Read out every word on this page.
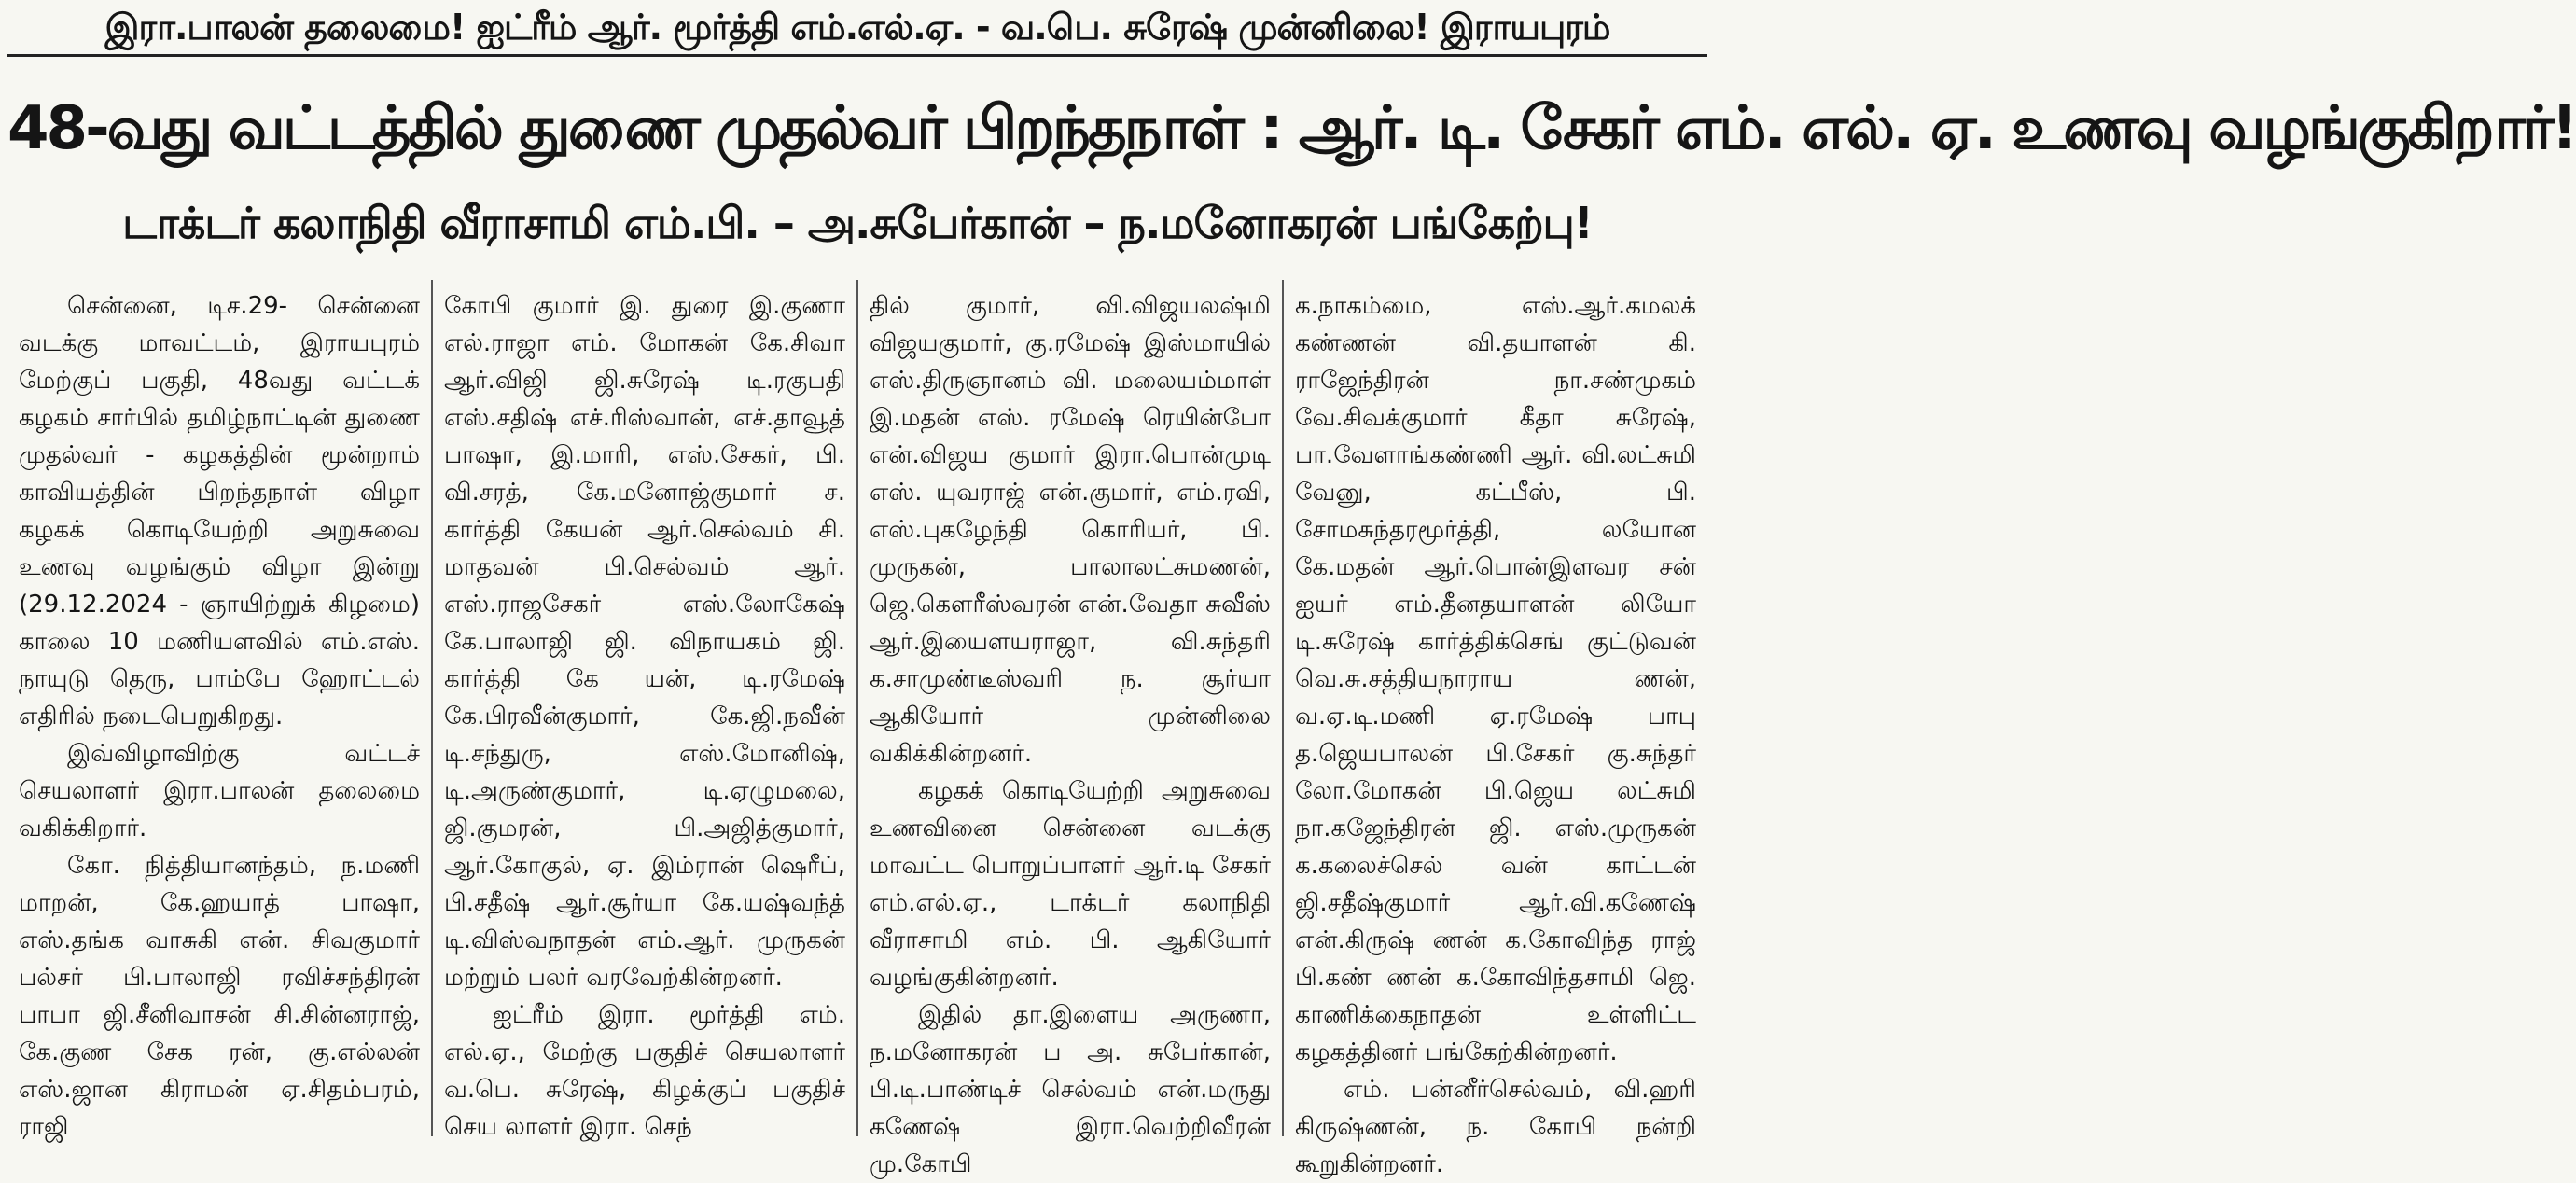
இரா.பாலன் தலைமை! ஐட்ரீம் ஆர். மூர்த்தி எம்.எல்.ஏ. - வ.பெ. சுரேஷ் முன்னிலை! இராயபுரம்
48-வது வட்டத்தில் துணை முதல்வர் பிறந்தநாள் : ஆர். டி. சேகர் எம். எல். ஏ. உணவு வழங்குகிறார்!
டாக்டர் கலாநிதி வீராசாமி எம்.பி. – அ.சுபேர்கான் – ந.மனோகரன் பங்கேற்பு!

சென்னை, டிச.29- சென்னை வடக்கு மாவட்டம், இராயபுரம் மேற்குப் பகுதி, 48வது வட்டக் கழகம் சார்பில் தமிழ்நாட்டின் துணை முதல்வர் - கழகத்தின் மூன்றாம் காவியத்தின் பிறந்தநாள் விழா கழகக் கொடியேற்றி அறுசுவை உணவு வழங்கும் விழா இன்று (29.12.2024 - ஞாயிற்றுக் கிழமை) காலை 10 மணியளவில் எம்.எஸ். நாயுடு தெரு, பாம்பே ஹோட்டல் எதிரில் நடைபெறுகிறது.

இவ்விழாவிற்கு வட்டச் செயலாளர் இரா.பாலன் தலைமை வகிக்கிறார்.

கோ. நித்தியானந்தம், ந.மணி மாறன், கே.ஹயாத் பாஷா, எஸ்.தங்க வாசுகி என். சிவகுமார் பல்சர் பி.பாலாஜி ரவிச்சந்திரன் பாபா ஜி.சீனிவாசன் சி.சின்னராஜ், கே.குண சேக ரன், கு.எல்லன் எஸ்.ஜான கிராமன் ஏ.சிதம்பரம், ராஜி

கோபி குமார் இ. துரை இ.குணா எல்.ராஜா எம். மோகன் கே.சிவா ஆர்.விஜி ஜி.சுரேஷ் டி.ரகுபதி எஸ்.சதிஷ் எச்.ரிஸ்வான், எச்.தாவூத் பாஷா, இ.மாரி, எஸ்.சேகர், பி. வி.சரத், கே.மனோஜ்குமார் ச. கார்த்தி கேயன் ஆர்.செல்வம் சி. மாதவன் பி.செல்வம் ஆர். எஸ்.ராஜசேகர் எஸ்.லோகேஷ் கே.பாலாஜி ஜி. விநாயகம் ஜி. கார்த்தி கே யன், டி.ரமேஷ் கே.பிரவீன்குமார், கே.ஜி.நவீன் டி.சந்துரு, எஸ்.மோனிஷ், டி.அருண்குமார், டி.ஏழுமலை, ஜி.குமரன், பி.அஜித்குமார், ஆர்.கோகுல், ஏ. இம்ரான் ஷெரீப், பி.சதீஷ் ஆர்.சூர்யா கே.யஷ்வந்த் டி.விஸ்வநாதன் எம்.ஆர். முருகன் மற்றும் பலர் வரவேற்கின்றனர்.

ஐட்ரீம் இரா. மூர்த்தி எம். எல்.ஏ., மேற்கு பகுதிச் செயலாளர் வ.பெ. சுரேஷ், கிழக்குப் பகுதிச் செய லாளர் இரா. செந்

தில் குமார், வி.விஜயலஷ்மி விஜயகுமார், கு.ரமேஷ் இஸ்மாயில் எஸ்.திருஞானம் வி. மலையம்மாள் இ.மதன் எஸ். ரமேஷ் ரெயின்போ என்.விஜய குமார் இரா.பொன்முடி எஸ். யுவராஜ் என்.குமார், எம்.ரவி, எஸ்.புகழேந்தி கொரியர், பி. முருகன், பாலாலட்சுமணன், ஜெ.கௌரீஸ்வரன் என்.வேதா சுவீஸ் ஆர்.இயைளயராஜா, வி.சுந்தரி க.சாமுண்டீஸ்வரி ந. சூர்யா ஆகியோர் முன்னிலை வகிக்கின்றனர்.

கழகக் கொடியேற்றி அறுசுவை உணவினை சென்னை வடக்கு மாவட்ட பொறுப்பாளர் ஆர்.டி சேகர் எம்.எல்.ஏ., டாக்டர் கலாநிதி வீராசாமி எம். பி. ஆகியோர் வழங்குகின்றனர்.

இதில் தா.இளைய அருணா, ந.மனோகரன் ப அ. சுபேர்கான், பி.டி.பாண்டிச் செல்வம் என்.மருது கணேஷ் இரா.வெற்றிவீரன் மு.கோபி

க.நாகம்மை, எஸ்.ஆர்.கமலக் கண்ணன் வி.தயாளன் கி. ராஜேந்திரன் நா.சண்முகம் வே.சிவக்குமார் கீதா சுரேஷ், பா.வேளாங்கண்ணி ஆர். வி.லட்சுமி வேனு, கட்பீஸ், பி. சோமசுந்தரமூர்த்தி, லயோன கே.மதன் ஆர்.பொன்இளவர சன் ஐயர் எம்.தீனதயாளன் லியோ டி.சுரேஷ் கார்த்திக்செங் குட்டுவன் வெ.சு.சத்தியநாராய ணன், வ.ஏ.டி.மணி ஏ.ரமேஷ் பாபு த.ஜெயபாலன் பி.சேகர் கு.சுந்தர் லோ.மோகன் பி.ஜெய லட்சுமி நா.கஜேந்திரன் ஜி. எஸ்.முருகன் க.கலைச்செல் வன் காட்டன் ஜி.சதீஷ்குமார் ஆர்.வி.கணேஷ் என்.கிருஷ் ணன் க.கோவிந்த ராஜ் பி.கண் ணன் க.கோவிந்தசாமி ஜெ. காணிக்கைநாதன் உள்ளிட்ட கழகத்தினர் பங்கேற்கின்றனர்.

எம். பன்னீர்செல்வம், வி.ஹரி கிருஷ்ணன், ந. கோபி நன்றி கூறுகின்றனர்.
